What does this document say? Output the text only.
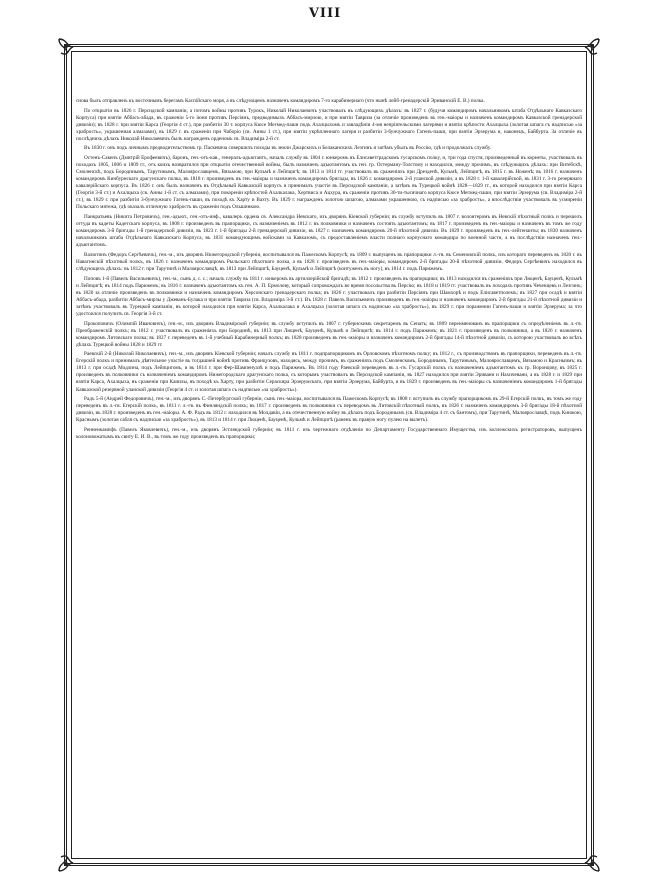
VIII

снова былъ отправленъ къ восточнымъ берегамъ Каспійскаго моря, а въ слѣдующемъ назначенъ командиромъ 7-го карабинернаго (что нынѣ лейб-гренадерскій Эриванскій Е. В.) полка.

По открытіи въ 1826 г. Персидской кампаніи, а потомъ войны противъ Турокъ, Николай Николаевичъ участвовалъ въ слѣдующихъ дѣлахъ: въ 1827 г. (будучи командиромъ начальникомъ штаба Отдѣльнаго Кавказскаго Корпуса) при взятіи Аббасъ-абада, въ сраженіи 5-го іюня противъ Персіянъ, предводимыхъ Аббасъ-мирзою, и при взятіи Тавриза (за отличіе произведенъ въ ген.-маіоры и назначенъ командиромъ Кавказской гренадерской дивизіи); въ 1828 г. при взятіи Карса (Георгія 4 ст.), при разбитіи 30 т. корпуса Кюсе Мегмед-паши подъ Ахалцыхомъ и завладѣніи 4-мя непріятельскими лагерями и взятіи крѣпости Ахалцыха (золотая шпага съ надписью «за храбрость», украшенная алмазами), въ 1829 г. въ сраженіи при Чаборіо (св. Анны 1 ст.), при взятіи укрѣпленнаго лагеря и разбитіи 3-бунчужнаго Гагенъ-паши, при взятіи Эрзерума и, наконецъ, Байбурта. За отличіе въ послѣднихъ дѣлахъ Николай Николаевичъ былъ награжденъ орденомъ св. Владиміра 2-й ст.

Въ 1830 г. онъ подъ личнымъ предводительствомъ гр. Паскевича совершилъ походы въ земли Джарскихъ и Белаканскихъ Лезгинъ и затѣмъ убылъ въ Россію, гдѣ и продолжалъ службу.

Остенъ-Сакенъ (Дмитрій Ерофеевичъ), баронъ, ген.-отъ-кав., генералъ-адъютантъ, началъ службу въ 1804 г. юнкеромъ въ Елисаветградскомъ гусарскомъ полку, и, три года спустя, произведенный въ корнеты, участвовалъ въ походахъ 1805, 1806 и 1809 гг., отъ коихъ возвратился при открытіи отечественной войны, былъ назначенъ адъютантомъ къ ген. гр. Остерману-Толстому и находился, между прочимъ, въ слѣдующихъ дѣлахъ: при Витебскѣ, Смоленскѣ, подъ Бородинымъ, Тарутинымъ, Малоярославцемъ, Вязьмою, при Кульмѣ и Лейпцигѣ; въ 1813 и 1814 гг. участвовалъ въ сраженіяхъ при Дрезденѣ, Кульмѣ, Лейпцигѣ, въ 1815 г. въ Ноженѣ; въ 1816 г. назначенъ командиромъ Кинбурнскаго драгунскаго полка, въ 1818 г. произведенъ въ ген.-маіоры и назначенъ командиромъ бригады, въ 1826 г. командиромъ 2-й уланской дивизіи, а въ 1828 г. 1-й кавалерійской, въ 1831 г. 3-го резервнаго кавалерійскаго корпуса. Въ 1826 г. онъ былъ назначенъ въ Отдѣльный Кавказскій корпусъ и принималъ участіе въ Персидской кампаніи, а затѣмъ въ Турецкой войнѣ 1828—1829 гг., въ которой находился при взятіи Карса (Георгія 3-й ст.) и Ахалцыха (св. Анны 1-й ст. съ алмазами), при покореніи крѣпостей Ахалкалака, Хертвиса и Ацхура, въ сраженіи противъ 30-ти-тысячнаго корпуса Кюсе Мегмед-паши, при взятіи Эрзерума (св. Владиміра 2-й ст.), въ 1829 г. при разбитіи 3-бунчужнаго Гагенъ-паши, въ походѣ къ Харту и Вахту. Въ 1829 г. награжденъ золотою шпагою, алмазами украшенною, съ надписью «за храбрость», а впослѣдствіи участвовалъ въ усмиреніи Польскаго мятежа, гдѣ оказалъ отличную храбрость въ сраженіи подъ Ольшинкою.

Панкратьевъ (Никита Петровичъ), ген.-адъют., ген.-отъ-инф., кавалеръ ордена св. Александра Невскаго, изъ дворянъ Кіевской губерніи; въ службу вступилъ въ 1807 г. волонтеромъ въ Невскій пѣхотный полкъ и перешелъ оттуда въ кадеты Кадетскаго корпуса, въ 1808 г. произведенъ въ прапорщики, съ назначеніемъ въ 1812 г. въ полковники и назначенъ состоять адъютантомъ; въ 1817 г. произведенъ въ ген.-маіоры и назначенъ въ томъ же году командиромъ 3-й бригады 1-й гренадерской дивизіи, въ 1823 г. 1-й бригады 2-й гренадерской дивизіи, въ 1827 г. назначенъ командиромъ 20-й пѣхотной дивизіи. Въ 1829 г. произведенъ въ ген.-лейтенанты; въ 1830 назначенъ начальникомъ штаба Отдѣльнаго Кавказскаго Корпуса, въ 1831 командующимъ войсками за Кавказомъ, съ предоставленіемъ власти полнаго корпуснаго командира по военной части, а въ послѣдствіи назначенъ ген.-адъютантомъ.

Валютинъ (Федоръ Сергѣевичъ), ген.-м., изъ дворянъ Нижегородской губерніи, воспитывался въ Пажескомъ Корпусѣ; въ 1809 г. выпущенъ въ прапорщики л.-гв. въ Семеновскій полкъ, изъ котораго переведенъ въ 1820 г. въ Навагинскій пѣхотный полкъ, въ 1826 г. назначенъ командиромъ Рыльскаго пѣхотнаго полка, а въ 1828 г. произведенъ въ ген.-маіоры, командиромъ 2-й бригады 20-й пѣхотной дивизіи. Федоръ Сергѣевичъ находился въ слѣдующихъ дѣлахъ: въ 1812 г. при Тарутинѣ и Малоярославцѣ, въ 1813 при Лейпцигѣ, Бауценѣ, Кульмѣ и Лейпцигѣ (контуженъ въ ногу), въ 1814 г. подъ Парижемъ.

Поповъ 1-й (Павелъ Васильевичъ), ген.-м., сынъ д. с. с.; началъ службу въ 1811 г. юнкеромъ въ артиллерійской бригадѣ; въ 1812 г. произведенъ въ прапорщики; въ 1813 находился въ сраженіяхъ при Люценѣ, Бауценѣ, Кульмѣ и Лейпцигѣ; въ 1814 подъ Парижемъ; въ 1816 г. назначенъ адъютантомъ къ ген. А. П. Ермолову, который сопровождалъ во время посольства въ Персію; въ 1818 и 1819 гг. участвовалъ въ походахъ противъ Чеченцевъ и Лезгинъ; въ 1820 за отличіе произведенъ въ полковники и назначенъ командиромъ Херсонскаго гренадерскаго полка; въ 1826 г. участвовалъ при разбитіи Персіянъ при Шамхорѣ и подъ Елисаветполемъ; въ 1827 при осадѣ и взятіи Аббасъ-абада, разбитіи Аббасъ-мирзы у Джеванъ-Булака и при взятіи Тавриза (св. Владиміра 3-й ст.). Въ 1828 г. Павелъ Васильевичъ произведенъ въ ген.-маіоры и назначенъ командиромъ 2-й бригады 21-й пѣхотной дивизіи и затѣмъ участвовалъ въ Турецкой кампаніи, въ которой находился при взятіи Карса, Ахалкалака и Ахалцыха (золотая шпага съ надписью «за храбрость»), въ 1829 г. при поражении Гагенъ-паши и взятіи Эрзерума; за что удостоился получить св. Георгія 3-й ст.

Прокоповичъ (Олимпій Ивановичъ), ген.-м., изъ дворянъ Владимірской губерніи; въ службу вступилъ въ 1807 г. губернскимъ секретаремъ въ Сенатъ; въ 1809 переименованъ въ прапорщики съ опредѣленіемъ въ л.-гв. Преображенскій полкъ; въ 1812 г. участвовалъ въ сраженіяхъ при Бородинѣ, въ 1813 при Люценѣ, Бауценѣ, Кульмѣ и Лейпцигѣ; въ 1814 г. подъ Парижемъ; въ 1821 г. произведенъ въ полковники, а въ 1826 г. назначенъ командиромъ Литовскаго полка; въ 1827 г. переведенъ въ 1-й учебный Карабинерный полкъ; въ 1828 произведенъ въ ген.-маіоры и назначенъ командиромъ 2-й бригады 14-й пѣхотной дивизіи, съ которою участвовалъ во всѣхъ дѣлахъ Турецкой войны 1828 и 1829 гг.

Раевскій 2-й (Николай Николаевичъ), ген.-м., изъ дворянъ Кіевской губерніи; началъ службу въ 1811 г. подпрапорщикомъ въ Орловскомъ пѣхотномъ полку; въ 1812 г., съ производствомъ въ прапорщики, переведенъ въ л.-гв. Егерскій полкъ и принималъ дѣятельное участіе въ тогдашней войнѣ противъ Французовъ, находясь, между прочимъ, въ сраженіяхъ подъ Смоленскомъ, Бородинымъ, Тарутинымъ, Малоярославцемъ, Вязьмою и Красныимъ; въ 1813 г. при осадѣ Модлина, подъ Лейпцигомъ, и въ 1814 г. при Фер-Шампенуазѣ и подъ Парижемъ. Въ 1814 году Раевскій переведенъ въ л.-гв. Гусарскій полкъ съ назначеніемъ адъютантомъ къ гр. Воронцову, въ 1825 г. произведенъ въ полковники съ назначеніемъ командиромъ Нижегородскаго драгунскаго полка, съ которымъ участвовалъ въ Персидской кампаніи, въ 1827 находился при взятіи Эривани и Нахичевани, а въ 1828 г. и 1829 при взятіи Карса, Ахалцыха, въ сраженіи при Каинлы, въ походѣ къ Харту, при разбитіи Сераскира Эрзерумскаго, при взятіи Эрзерума, Байбурта, и въ 1829 г. произведенъ въ ген.-маіоры съ назначеніемъ командиромъ 1-й бригады Кавказской резервной уланской дивизіи (Георгія 4 ст. и золотая шпага съ надписью «за храбрость»).

Радъ 5-й (Андрей Федоровичъ), ген.-м., изъ дворянъ С.-Петербургской губерніи, сынъ ген.-маіора, воспитывался въ Пажескомъ Корпусѣ; въ 1808 г. вступилъ въ службу прапорщикомъ въ 29-й Егерскій полкъ, въ томъ же году переведенъ въ л.-гв. Егерскій полкъ, въ 1811 г. л.-гв. въ Финляндскій полкъ; въ 1817 г. произведенъ въ полковники съ переводомъ въ Литовскій пѣхотный полкъ, въ 1826 г. назначенъ командиромъ 3-й бригады 18-й пѣхотной дивизіи, въ 1828 г. произведенъ въ ген.-маіоры. А. Ф. Радъ въ 1812 г. находился въ Молдавіи, а въ отечественную войну въ дѣлахъ подъ Бородинымъ (св. Владиміра 4 ст. съ бантомъ), при Тарутинѣ, Малоярославцѣ, подъ Кинжою, Краснымъ (золотая сабля съ надписью «за храбрость»), въ 1813 и 1814 г. при Люценѣ, Бауценѣ, Кульмѣ и Лейпцигѣ (раненъ въ правую ногу пулею на вылетъ).

Ренненкампфъ (Павелъ Яковлевичъ), ген.-м., изъ дворянъ Эстляндской губерніи; въ 1811 г. изъ чертежнаго отдѣленія по Департаменту Государственнаго Имущества, изъ коллежскихъ регистраторовъ, выпущенъ колоновожатымъ въ свиту Е. И. В., въ томъ же году произведенъ въ прапорщики;
